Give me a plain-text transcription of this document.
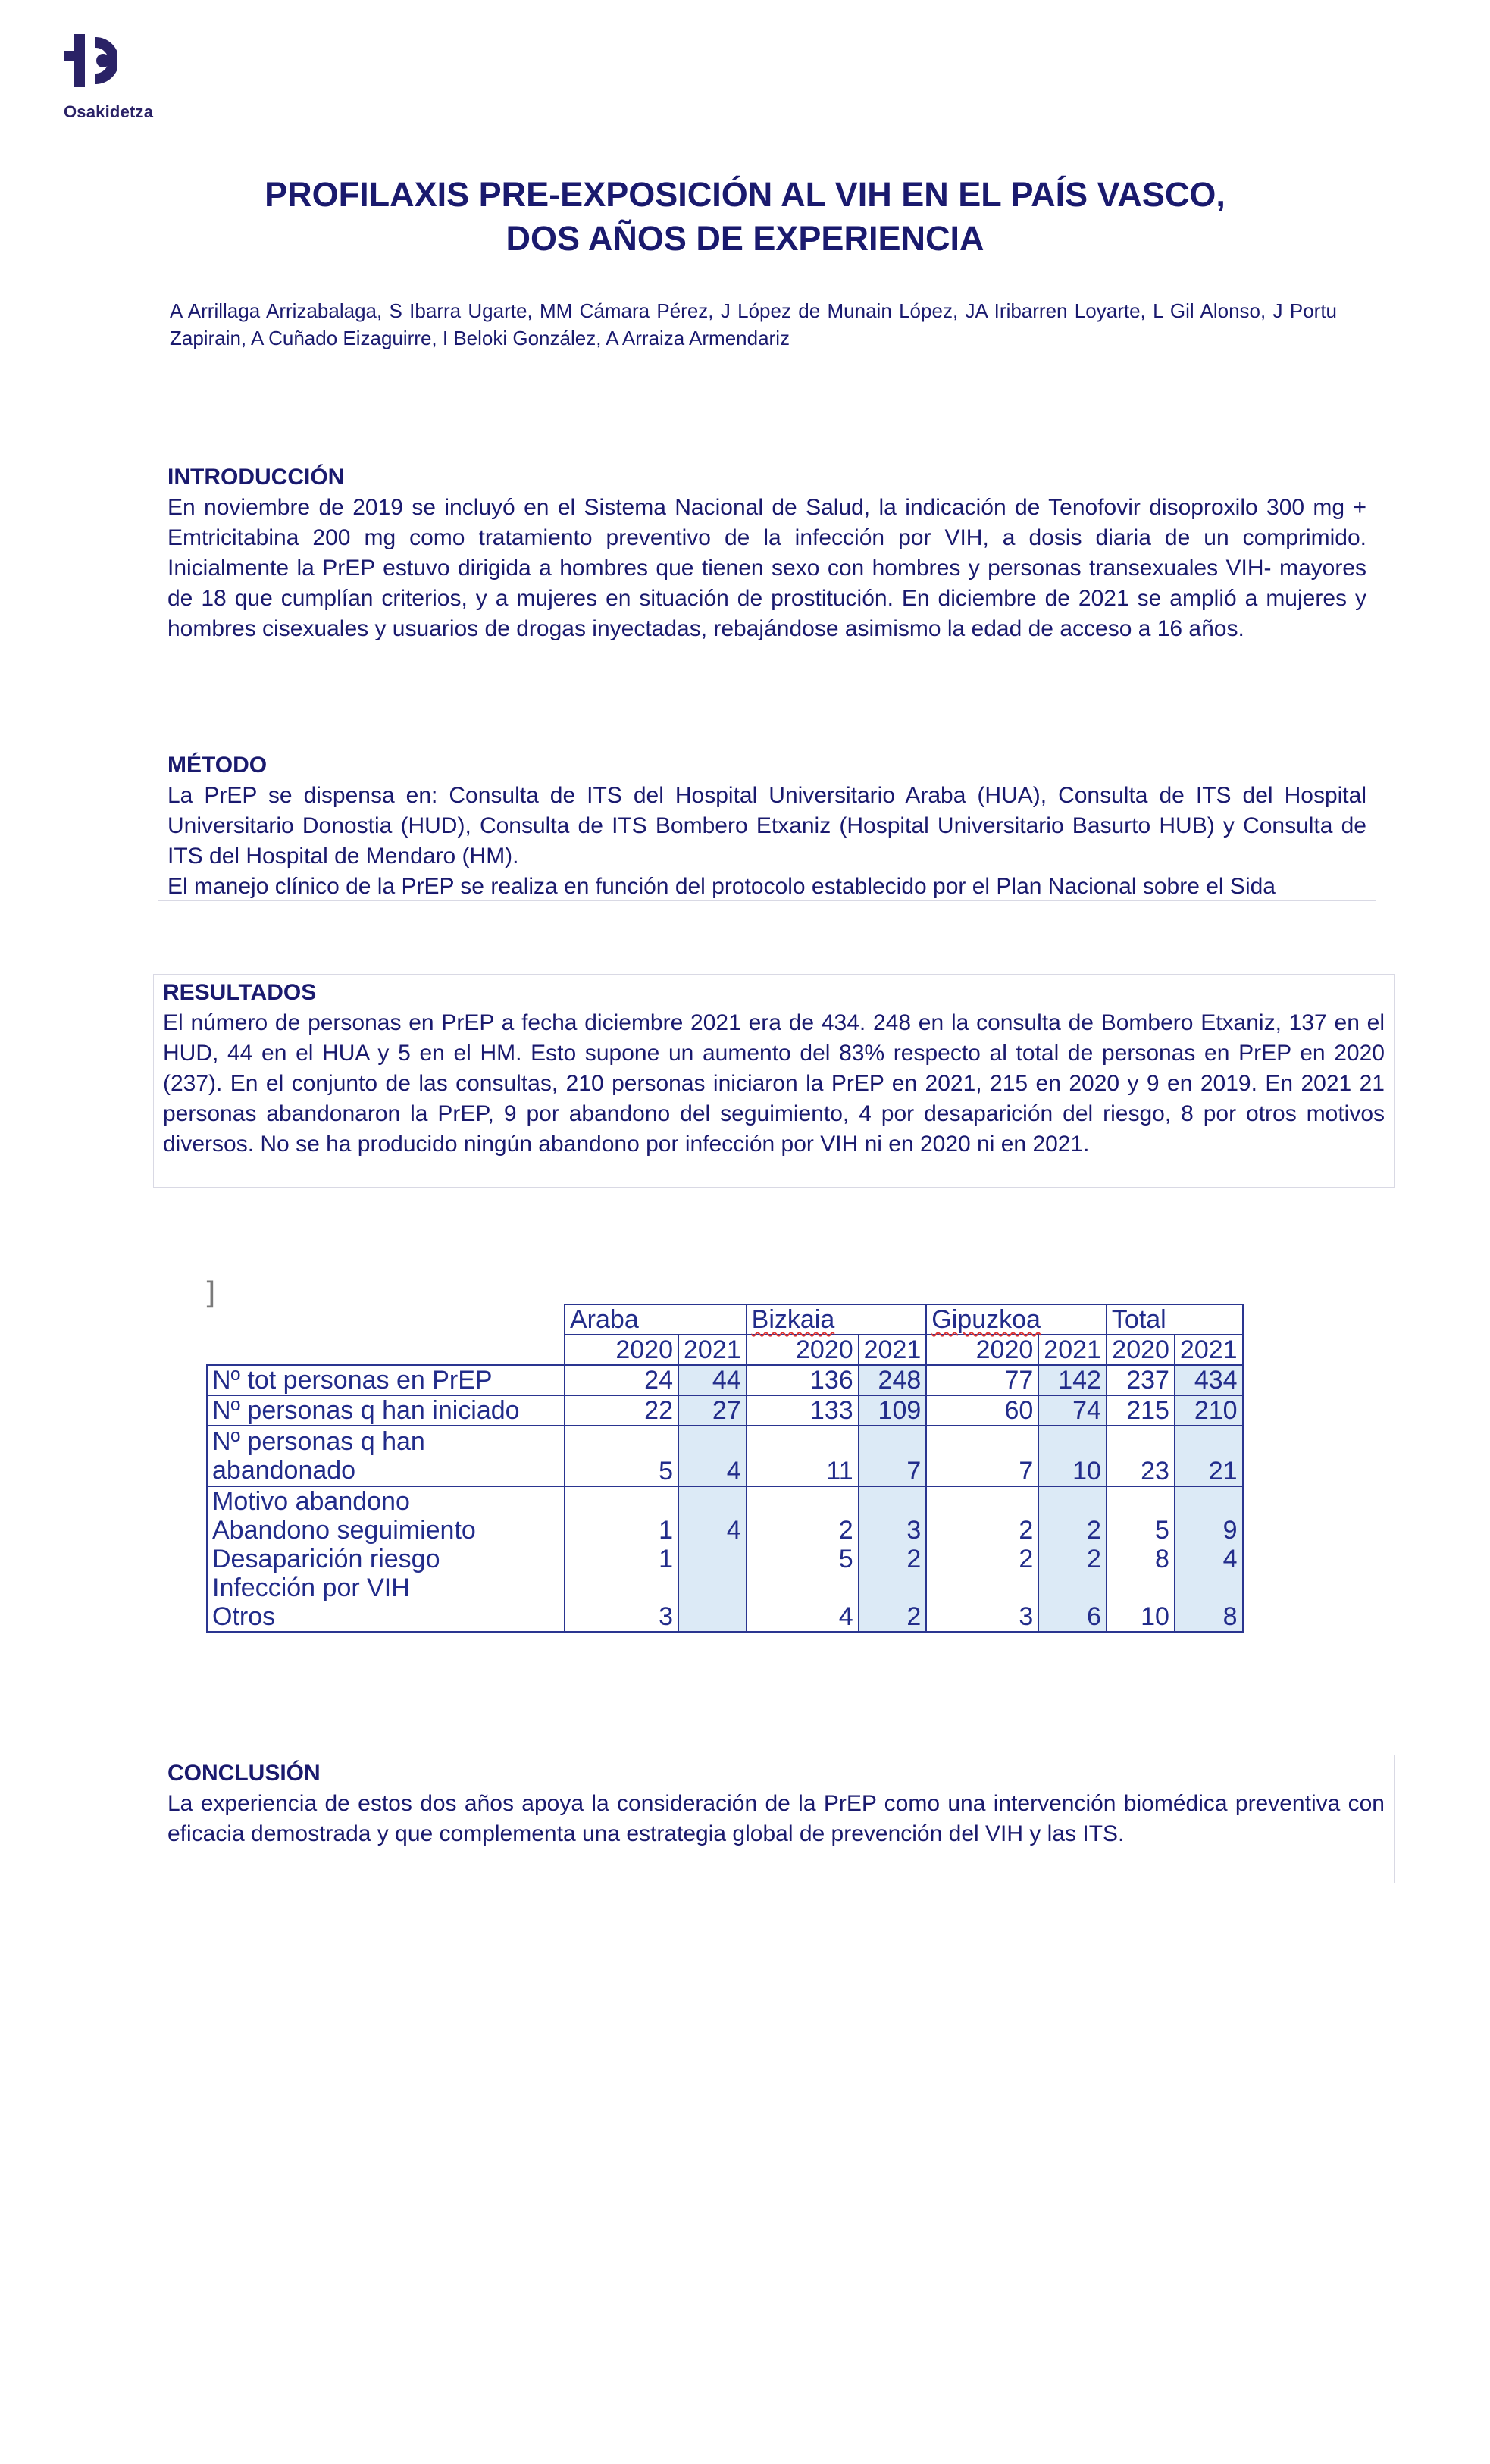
Osakidetza
PROFILAXIS PRE-EXPOSICIÓN AL VIH EN EL PAÍS VASCO,
DOS AÑOS DE EXPERIENCIA
A Arrillaga Arrizabalaga, S Ibarra Ugarte, MM Cámara Pérez, J López de Munain López, JA Iribarren Loyarte, L Gil Alonso, J Portu Zapirain, A Cuñado Eizaguirre, I Beloki González, A Arraiza Armendariz
INTRODUCCIÓN

En noviembre de 2019 se incluyó en el Sistema Nacional de Salud, la indicación de Tenofovir disoproxilo 300 mg + Emtricitabina 200 mg como tratamiento preventivo de la infección por VIH, a dosis diaria de un comprimido. Inicialmente la PrEP estuvo dirigida a hombres que tienen sexo con hombres y personas transexuales VIH- mayores de 18 que cumplían criterios, y a mujeres en situación de prostitución. En diciembre de 2021 se amplió a mujeres y hombres cisexuales y usuarios de drogas inyectadas, rebajándose asimismo la edad de acceso a 16 años.

MÉTODO

La PrEP se dispensa en: Consulta de ITS del Hospital Universitario Araba (HUA), Consulta de ITS del Hospital Universitario Donostia (HUD), Consulta de ITS Bombero Etxaniz (Hospital Universitario Basurto HUB) y Consulta de ITS del Hospital de Mendaro (HM).

El manejo clínico de la PrEP se realiza en función del protocolo establecido por el Plan Nacional sobre el Sida

RESULTADOS

El número de personas en PrEP a fecha diciembre 2021 era de 434. 248 en la consulta de Bombero Etxaniz, 137 en el HUD, 44 en el HUA y 5 en el HM. Esto supone un aumento del 83% respecto al total de personas en PrEP en 2020 (237). En el conjunto de las consultas, 210 personas iniciaron la PrEP en 2021, 215 en 2020 y 9 en 2019. En 2021 21 personas abandonaron la PrEP, 9 por abandono del seguimiento, 4 por desaparición del riesgo, 8 por otros motivos diversos. No se ha producido ningún abandono por infección por VIH ni en 2020 ni en 2021.

]
	Araba		Bizkaia		Gipuzkoa		Total	
	2020	2021	2020	2021	2020	2021	2020	2021
Nº tot personas en PrEP	24	44	136	248	77	142	237	434
Nº personas q han iniciado	22	27	133	109	60	74	215	210

Nº personas q han
abandonado	5	4	11	7	7	10	23	21
Motivo abandono								
Abandono seguimiento	1	4	2	3	2	2	5	9
Desaparición riesgo	1		5	2	2	2	8	4
Infección por VIH								
Otros	3		4	2	3	6	10	8
CONCLUSIÓN

La experiencia de estos dos años apoya la consideración de la PrEP como una intervención biomédica preventiva con eficacia demostrada y que complementa una estrategia global de prevención del VIH y las ITS.
